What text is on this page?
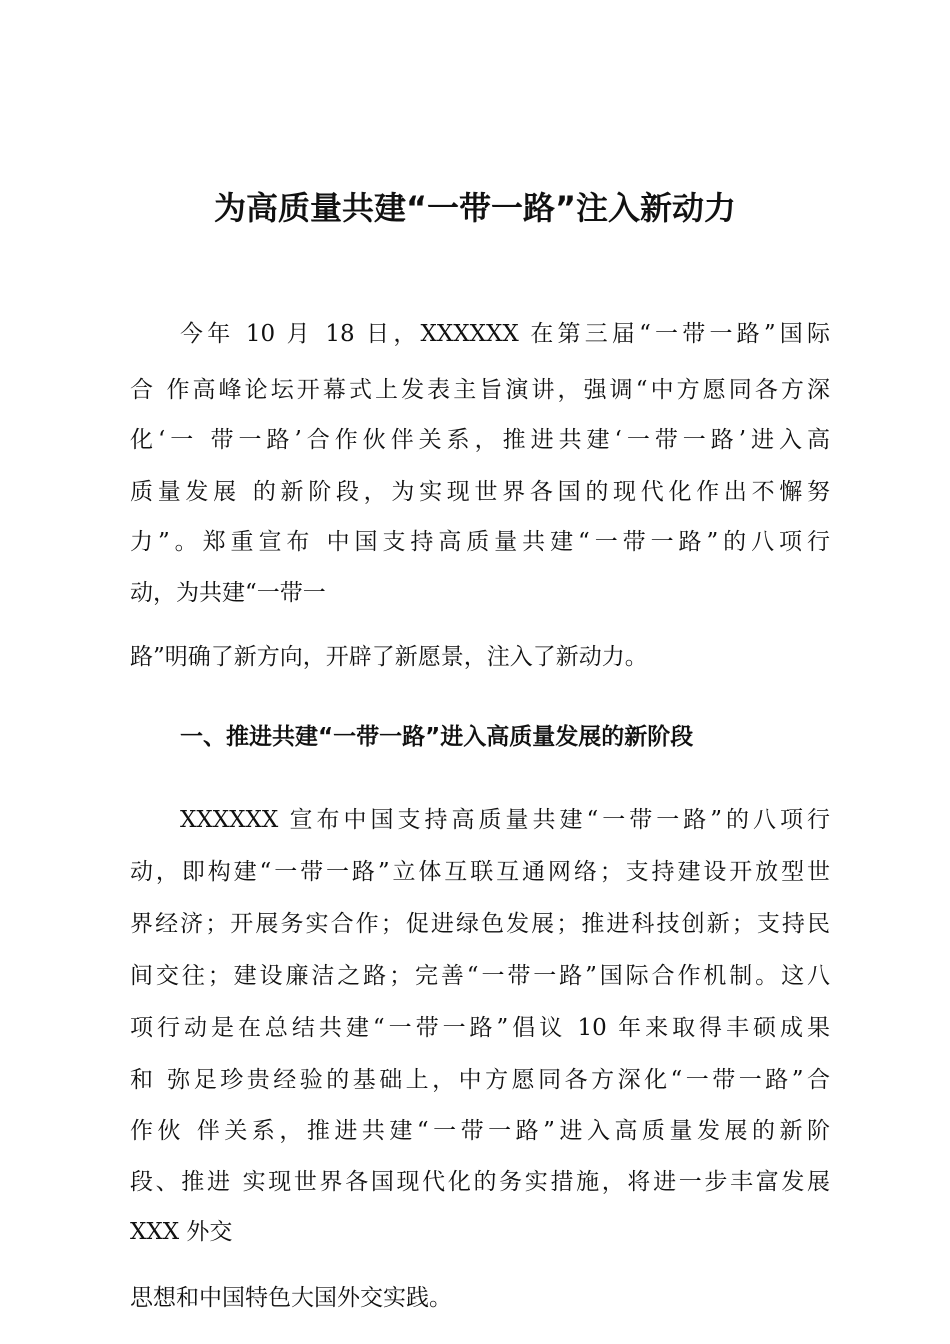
为高质量共建“一带一路”注入新动力

今年 10 月 18 日，XXXXXX 在第三届“一带一路”国际

合 作高峰论坛开幕式上发表主旨演讲，强调“中方愿同各方深

化‘一 带一路’合作伙伴关系，推进共建‘一带一路’进入高

质量发展 的新阶段，为实现世界各国的现代化作出不懈努

力”。郑重宣布 中国支持高质量共建“一带一路”的八项行

动，为共建“一带一

路”明确了新方向，开辟了新愿景，注入了新动力。

一、推进共建“一带一路”进入高质量发展的新阶段

XXXXXX 宣布中国支持高质量共建“一带一路”的八项行

动，即构建“一带一路”立体互联互通网络；支持建设开放型世

界经济；开展务实合作；促进绿色发展；推进科技创新；支持民

间交往；建设廉洁之路；完善“一带一路”国际合作机制。这八

项行动是在总结共建“一带一路”倡议 10 年来取得丰硕成果

和 弥足珍贵经验的基础上，中方愿同各方深化“一带一路”合

作伙 伴关系，推进共建“一带一路”进入高质量发展的新阶

段、推进 实现世界各国现代化的务实措施，将进一步丰富发展

XXX 外交

思想和中国特色大国外交实践。
